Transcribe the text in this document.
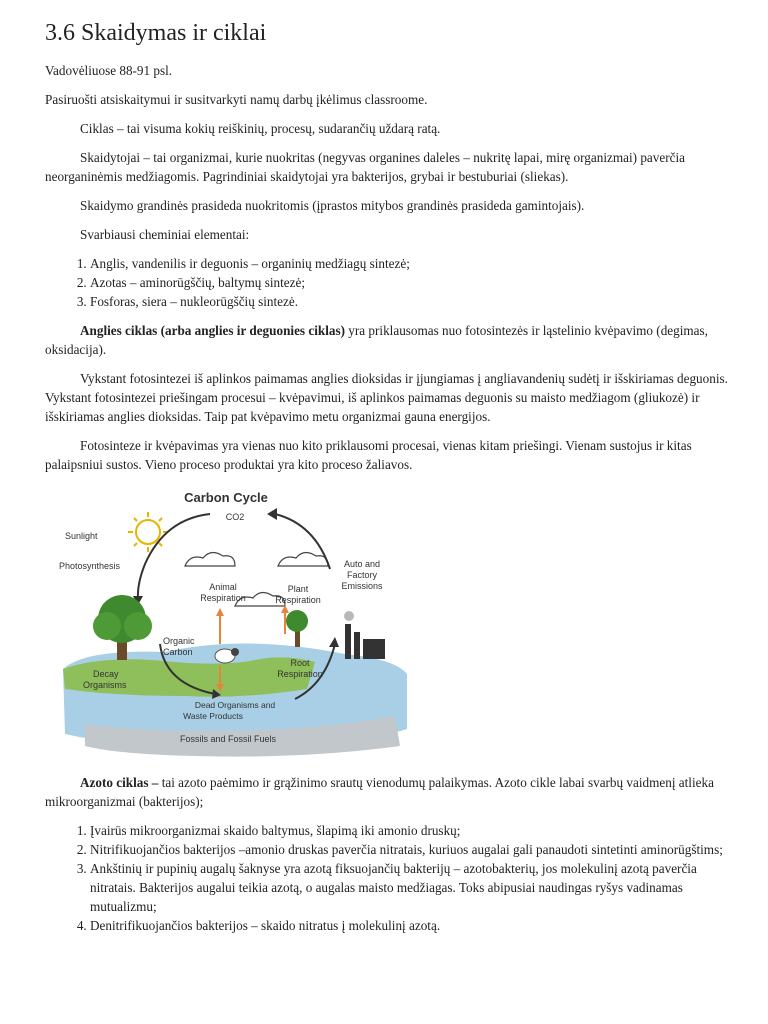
3.6 Skaidymas ir ciklai

Vadovėliuose 88-91 psl.

Pasiruošti atsiskaitymui ir susitvarkyti namų darbų įkėlimus classroome.

Ciklas – tai visuma kokių reiškinių, procesų, sudarančių uždarą ratą.

Skaidytojai – tai organizmai, kurie nuokritas (negyvas organines daleles – nukritę lapai, mirę organizmai) paverčia neorganinėmis medžiagomis. Pagrindiniai skaidytojai yra bakterijos, grybai ir bestuburiai (sliekas).

Skaidymo grandinės prasideda nuokritomis (įprastos mitybos grandinės prasideda gamintojais).

Svarbiausi cheminiai elementai:

1. Anglis, vandenilis ir deguonis – organinių medžiagų sintezė;
2. Azotas – aminorūgščių, baltymų sintezė;
3. Fosforas, siera – nukleorūgščių sintezė.

Anglies ciklas (arba anglies ir deguonies ciklas) yra priklausomas nuo fotosintezės ir ląstelinio kvėpavimo (degimas, oksidacija).

Vykstant fotosintezei iš aplinkos paimamas anglies dioksidas ir įjungiamas į angliavandenių sudėtį ir išskiriamas deguonis. Vykstant fotosintezei priešingam procesui – kvėpavimui, iš aplinkos paimamas deguonis su maisto medžiagom (gliukozė) ir išskiriamas anglies dioksidas. Taip pat kvėpavimo metu organizmai gauna energijos.

Fotosinteze ir kvėpavimas yra vienas nuo kito priklausomi procesai, vienas kitam priešingi. Vienam sustojus ir kitas palaipsniui sustos. Vieno proceso produktai yra kito proceso žaliavos.

Carbon Cycle
CO2
Sunlight
Photosynthesis
Animal
Respiration
Plant
Respiration
Auto and
Factory
Emissions
Organic
Carbon
Root
Respiration
Decay
Organisms
Dead Organisms and
Waste Products
Fossils and Fossil Fuels

Azoto ciklas – tai azoto paėmimo ir grąžinimo srautų vienodumų palaikymas. Azoto cikle labai svarbų vaidmenį atlieka mikroorganizmai (bakterijos);

1. Įvairūs mikroorganizmai skaido baltymus, šlapimą iki amonio druskų;
2. Nitrifikuojančios bakterijos –amonio druskas paverčia nitratais, kuriuos augalai gali panaudoti sintetinti aminorūgštims;
3. Ankštinių ir pupinių augalų šaknyse yra azotą fiksuojančių bakterijų – azotobakterių, jos molekulinį azotą paverčia nitratais. Bakterijos augalui teikia azotą, o augalas maisto medžiagas. Toks abipusiai naudingas ryšys vadinamas mutualizmu;
4. Denitrifikuojančios bakterijos – skaido nitratus į molekulinį azotą.
